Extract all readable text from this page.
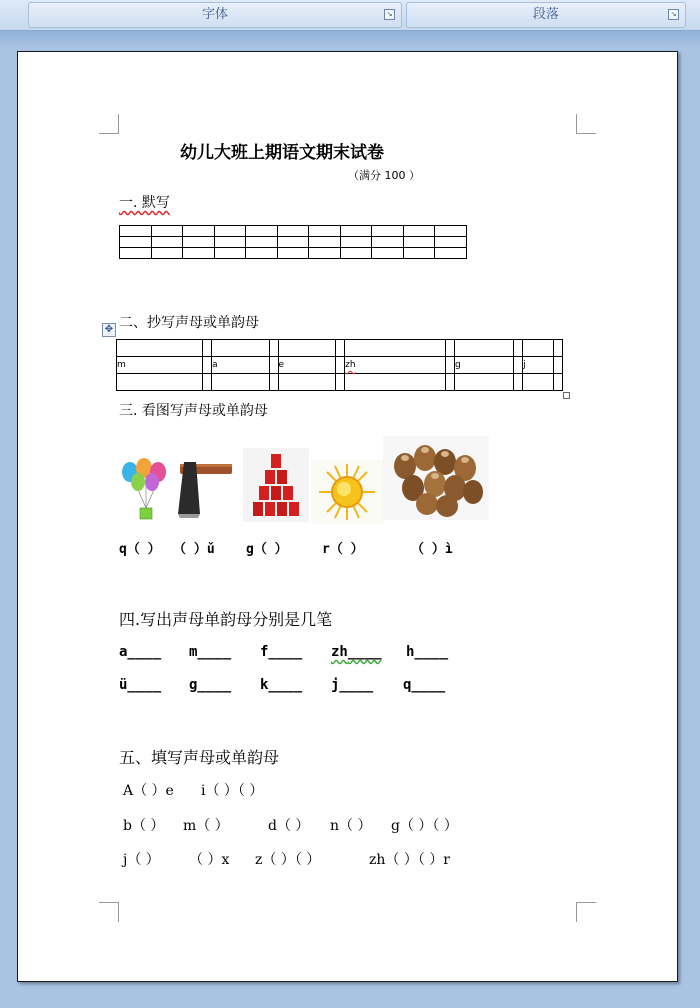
字体	↘	段落	↘
幼儿大班上期语文期末试卷
（满分 100 ）
一. 默写

二、抄写声母或单韵母
✥

m		a		e		zh		g		j	

三. 看图写声母或单韵母
q（ ） （ ）ǔ g（ ）	r（ ）	（ ）ì
四.写出声母单韵母分别是几笔
a____ m____ f____ zh____ h____
ü____ g____ k____ j____ q____
五、填写声母或单韵母
A（ ）e i（ ）（ ）
b（ ） m（ ）	d（ ） n（ ） g（ ）（ ）
j（ ） （ ）x z（ ）（ ）	zh（ ）（ ）r
